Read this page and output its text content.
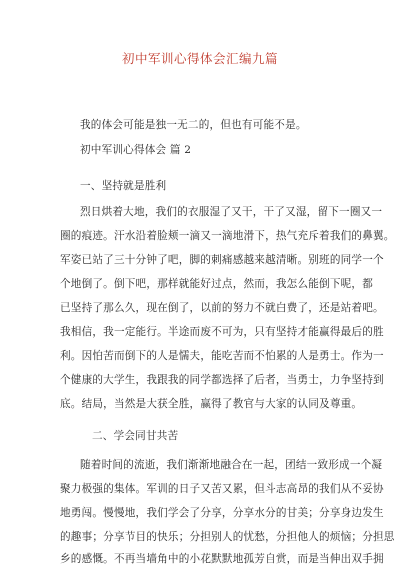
初中军训心得体会汇编九篇
我的体会可能是独一无二的，但也有可能不是。
初中军训心得体会 篇 2
一、坚持就是胜利
烈日烘着大地，我们的衣服湿了又干，干了又湿，留下一圈又一
圈的痕迹。汗水沿着脸颊一滴又一滴地滑下，热气充斥着我们的鼻翼。
军姿已站了三十分钟了吧，脚的刺痛感越来越清晰。别班的同学一个
个地倒了。倒下吧，那样就能好过点，然而，我怎么能倒下呢，都
已坚持了那么久，现在倒了，以前的努力不就白费了，还是站着吧。
我相信，我一定能行。半途而废不可为，只有坚持才能赢得最后的胜
利。因怕苦而倒下的人是懦夫，能吃苦而不怕累的人是勇士。作为一
个健康的大学生，我跟我的同学都选择了后者，当勇士，力争坚持到
底。结局，当然是大获全胜，赢得了教官与大家的认同及尊重。
二、学会同甘共苦
随着时间的流逝，我们渐渐地融合在一起，团结一致形成一个凝
聚力极强的集体。军训的日子又苦又累，但斗志高昂的我们从不妥协
地勇闯。慢慢地，我们学会了分享，分享水分的甘美；分享身边发生
的趣事；分享节目的快乐；分担别人的忧愁，分担他人的烦恼；分担思
乡的感慨。不再当墙角中的小花默默地孤芳自赏，而是当伸出双手拥
